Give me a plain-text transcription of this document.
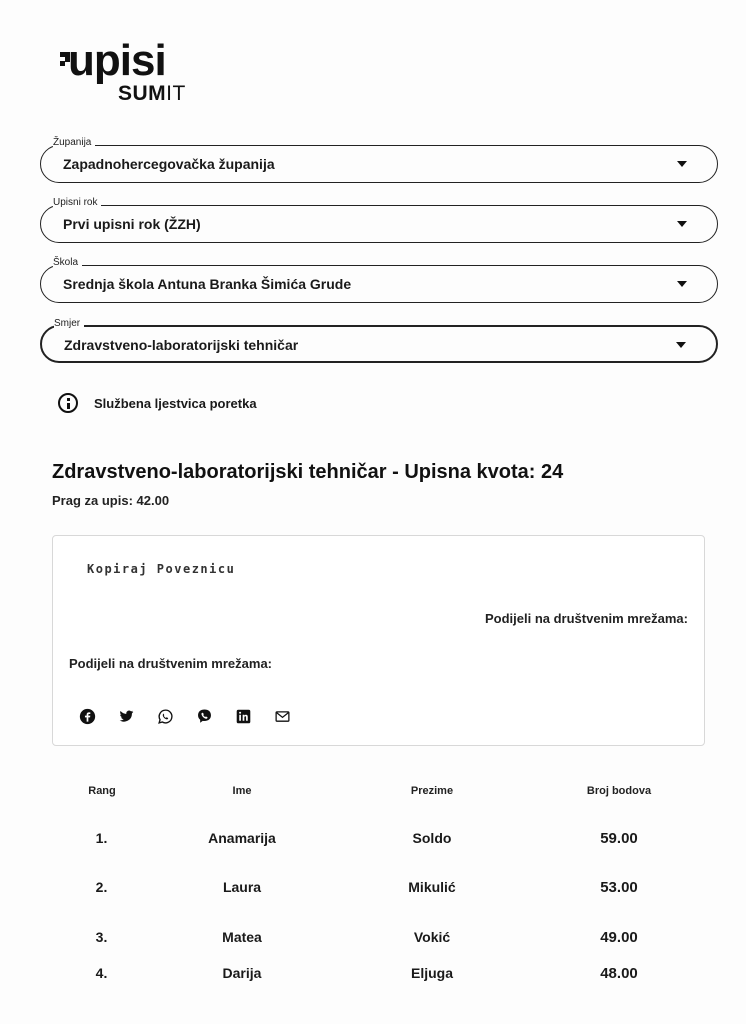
upisi
SUMIT
Županija
Zapadnohercegovačka županija
Upisni rok
Prvi upisni rok (ŽZH)
Škola
Srednja škola Antuna Branka Šimića Grude
Smjer
Zdravstveno-laboratorijski tehničar
Službena ljestvica poretka
Zdravstveno-laboratorijski tehničar - Upisna kvota: 24
Prag za upis: 42.00
Kopiraj Poveznicu
Podijeli na društvenim mrežama:
Podijeli na društvenim mrežama:
Rang	Ime	Prezime	Broj bodova
1.	Anamarija	Soldo	59.00
2.	Laura	Mikulić	53.00
3.	Matea	Vokić	49.00
4.	Darija	Eljuga	48.00
